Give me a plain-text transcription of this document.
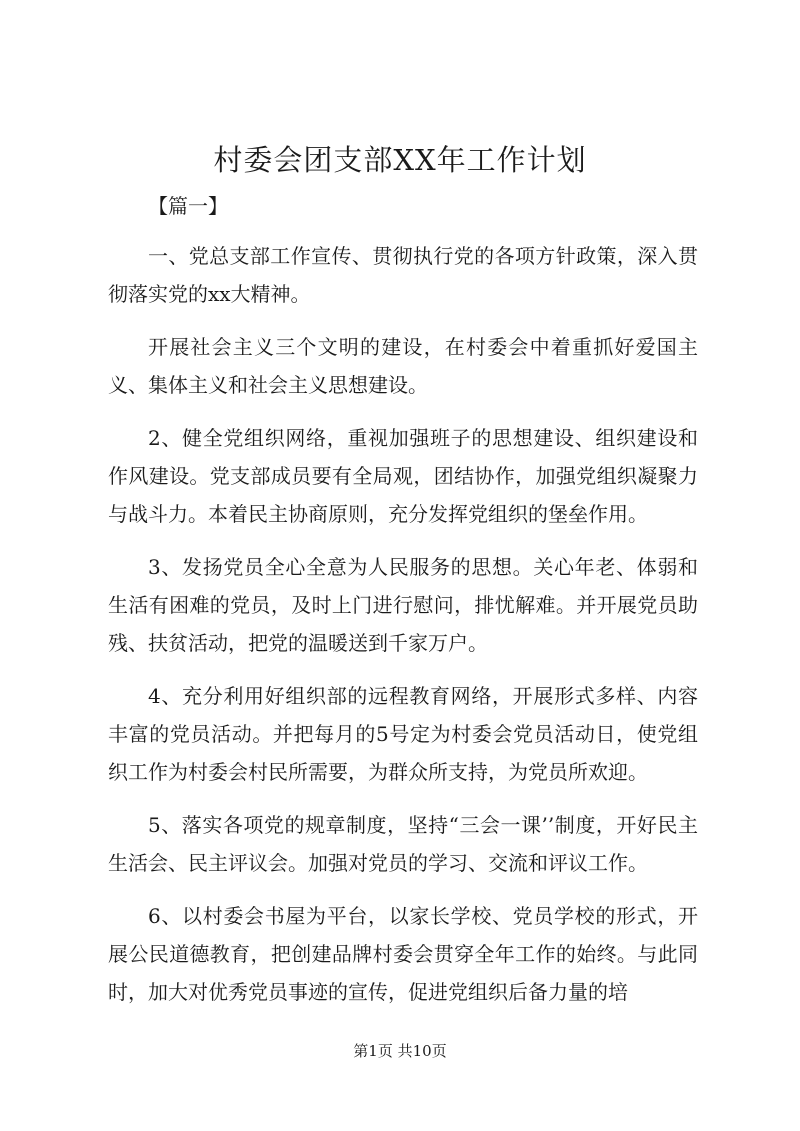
村委会团支部XX年工作计划

【篇一】

一、党总支部工作宣传、贯彻执行党的各项方针政策，深入贯彻落实党的xx大精神。

开展社会主义三个文明的建设，在村委会中着重抓好爱国主义、集体主义和社会主义思想建设。

2、健全党组织网络，重视加强班子的思想建设、组织建设和作风建设。党支部成员要有全局观，团结协作，加强党组织凝聚力与战斗力。本着民主协商原则，充分发挥党组织的堡垒作用。

3、发扬党员全心全意为人民服务的思想。关心年老、体弱和生活有困难的党员，及时上门进行慰问，排忧解难。并开展党员助残、扶贫活动，把党的温暖送到千家万户。

4、充分利用好组织部的远程教育网络，开展形式多样、内容丰富的党员活动。并把每月的5号定为村委会党员活动日，使党组织工作为村委会村民所需要，为群众所支持，为党员所欢迎。

5、落实各项党的规章制度，坚持“三会一课’’制度，开好民主生活会、民主评议会。加强对党员的学习、交流和评议工作。

6、以村委会书屋为平台，以家长学校、党员学校的形式，开展公民道德教育，把创建品牌村委会贯穿全年工作的始终。与此同时，加大对优秀党员事迹的宣传，促进党组织后备力量的培

第1页 共10页
